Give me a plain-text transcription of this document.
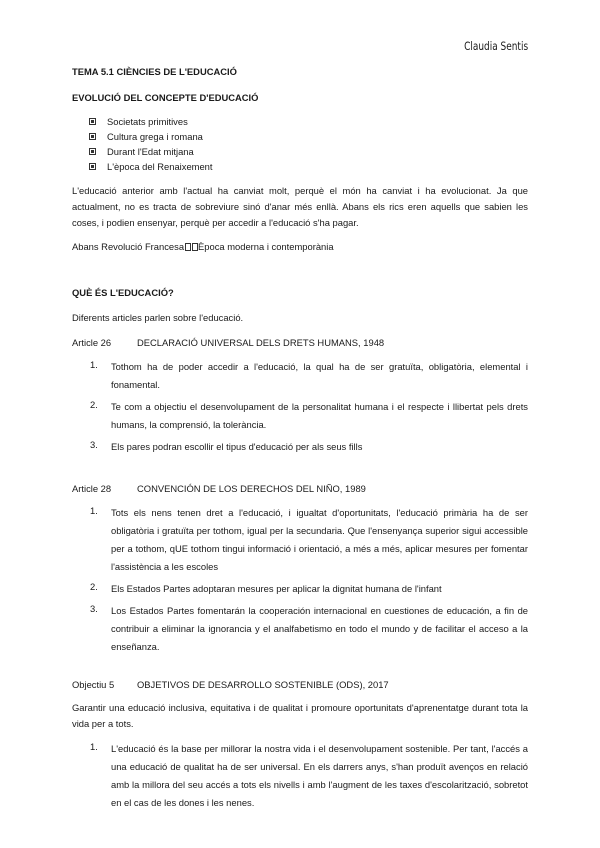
Claudia Sentis
TEMA 5.1 CIÈNCIES DE L'EDUCACIÓ
EVOLUCIÓ DEL CONCEPTE D'EDUCACIÓ
Societats primitives
Cultura grega i romana
Durant l'Edat mitjana
L'època del Renaixement

L'educació anterior amb l'actual ha canviat molt, perquè el món ha canviat i ha evolucionat. Ja que actualment, no es tracta de sobreviure sinó d'anar més enllà. Abans els rics eren aquells que sabien les coses, i podien ensenyar, perquè per accedir a l'educació s'ha pagar.

Abans Revolució Francesa Època moderna i contemporània

QUÈ ÉS L'EDUCACIÓ?

Diferents articles parlen sobre l'educació.

Article 26	DECLARACIÓ UNIVERSAL DELS DRETS HUMANS, 1948
1.	Tothom ha de poder accedir a l'educació, la qual ha de ser gratuïta, obligatòria, elemental i fonamental.
2.	Te com a objectiu el desenvolupament de la personalitat humana i el respecte i llibertat pels drets humans, la comprensió, la tolerància.
3.	Els pares podran escollir el tipus d'educació per als seus fills
Article 28	CONVENCIÓN DE LOS DERECHOS DEL NIÑO, 1989
1.	Tots els nens tenen dret a l'educació, i igualtat d'oportunitats, l'educació primària ha de ser obligatòria i gratuïta per tothom, igual per la secundaria. Que l'ensenyança superior sigui accessible per a tothom, qUE tothom tingui informació i orientació, a més a més, aplicar mesures per fomentar l'assistència a les escoles
2.	Els Estados Partes adoptaran mesures per aplicar la dignitat humana de l'infant
3.	Los Estados Partes fomentarán la cooperación internacional en cuestiones de educación, a fin de contribuir a eliminar la ignorancia y el analfabetismo en todo el mundo y de facilitar el acceso a la enseñanza.
Objectiu 5	OBJETIVOS DE DESARROLLO SOSTENIBLE (ODS), 2017

Garantir una educació inclusiva, equitativa i de qualitat i promoure oportunitats d'aprenentatge durant tota la vida per a tots.

1.	L'educació és la base per millorar la nostra vida i el desenvolupament sostenible. Per tant, l'accés a una educació de qualitat ha de ser universal. En els darrers anys, s'han produït avenços en relació amb la millora del seu accés a tots els nivells i amb l'augment de les taxes d'escolarització, sobretot en el cas de les dones i les nenes.
